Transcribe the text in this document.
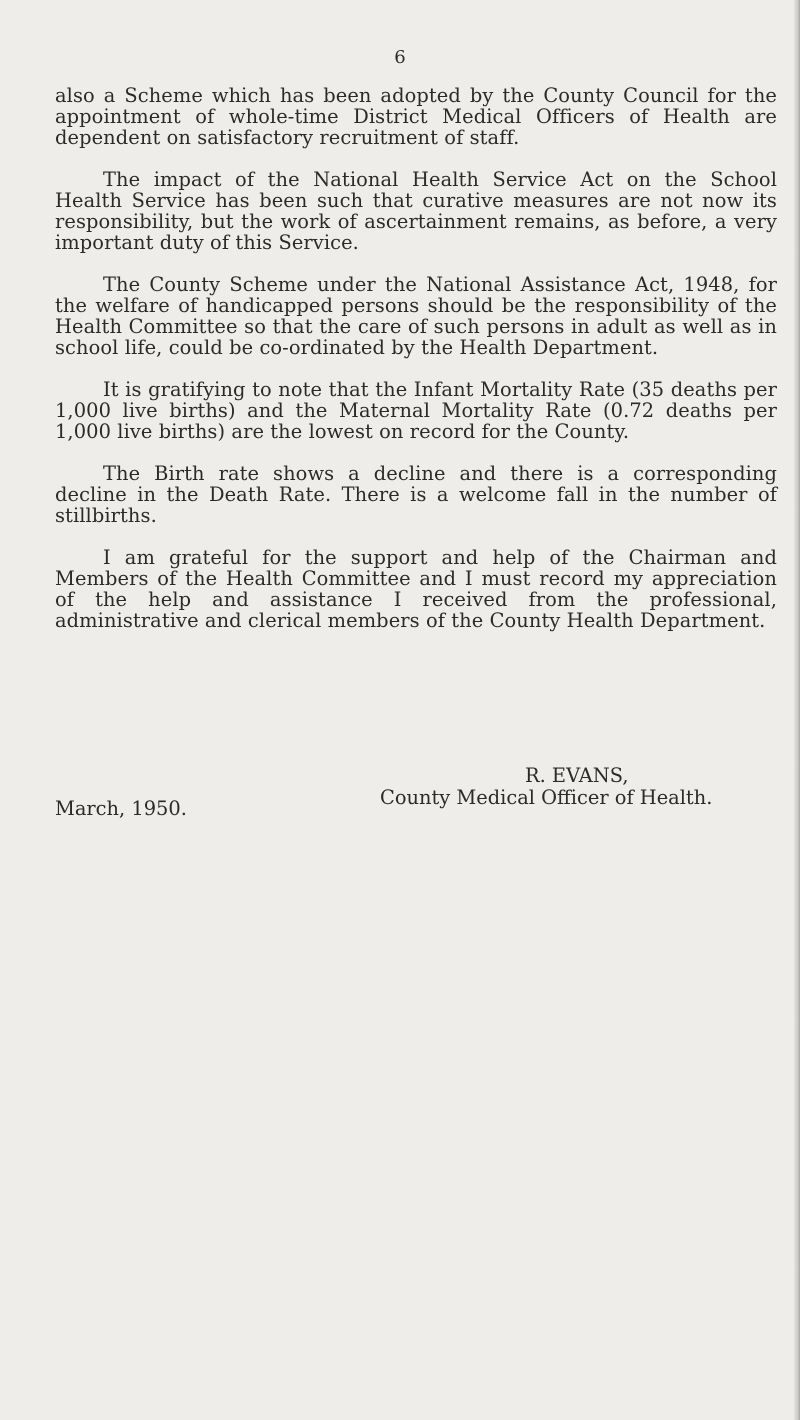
6

also a Scheme which has been adopted by the County Council for the appointment of whole-time District Medical Officers of Health are dependent on satisfactory recruitment of staff.

The impact of the National Health Service Act on the School Health Service has been such that curative measures are not now its responsibility, but the work of ascertainment remains, as before, a very important duty of this Service.

The County Scheme under the National Assistance Act, 1948, for the welfare of handicapped persons should be the responsibility of the Health Committee so that the care of such persons in adult as well as in school life, could be co-ordinated by the Health Department.

It is gratifying to note that the Infant Mortality Rate (35 deaths per 1,000 live births) and the Maternal Mortality Rate (0.72 deaths per 1,000 live births) are the lowest on record for the County.

The Birth rate shows a decline and there is a corresponding decline in the Death Rate. There is a welcome fall in the number of stillbirths.

I am grateful for the support and help of the Chairman and Members of the Health Committee and I must record my appreciation of the help and assistance I received from the professional, administrative and clerical members of the County Health Department.

R. EVANS,
County Medical Officer of Health.
March, 1950.
